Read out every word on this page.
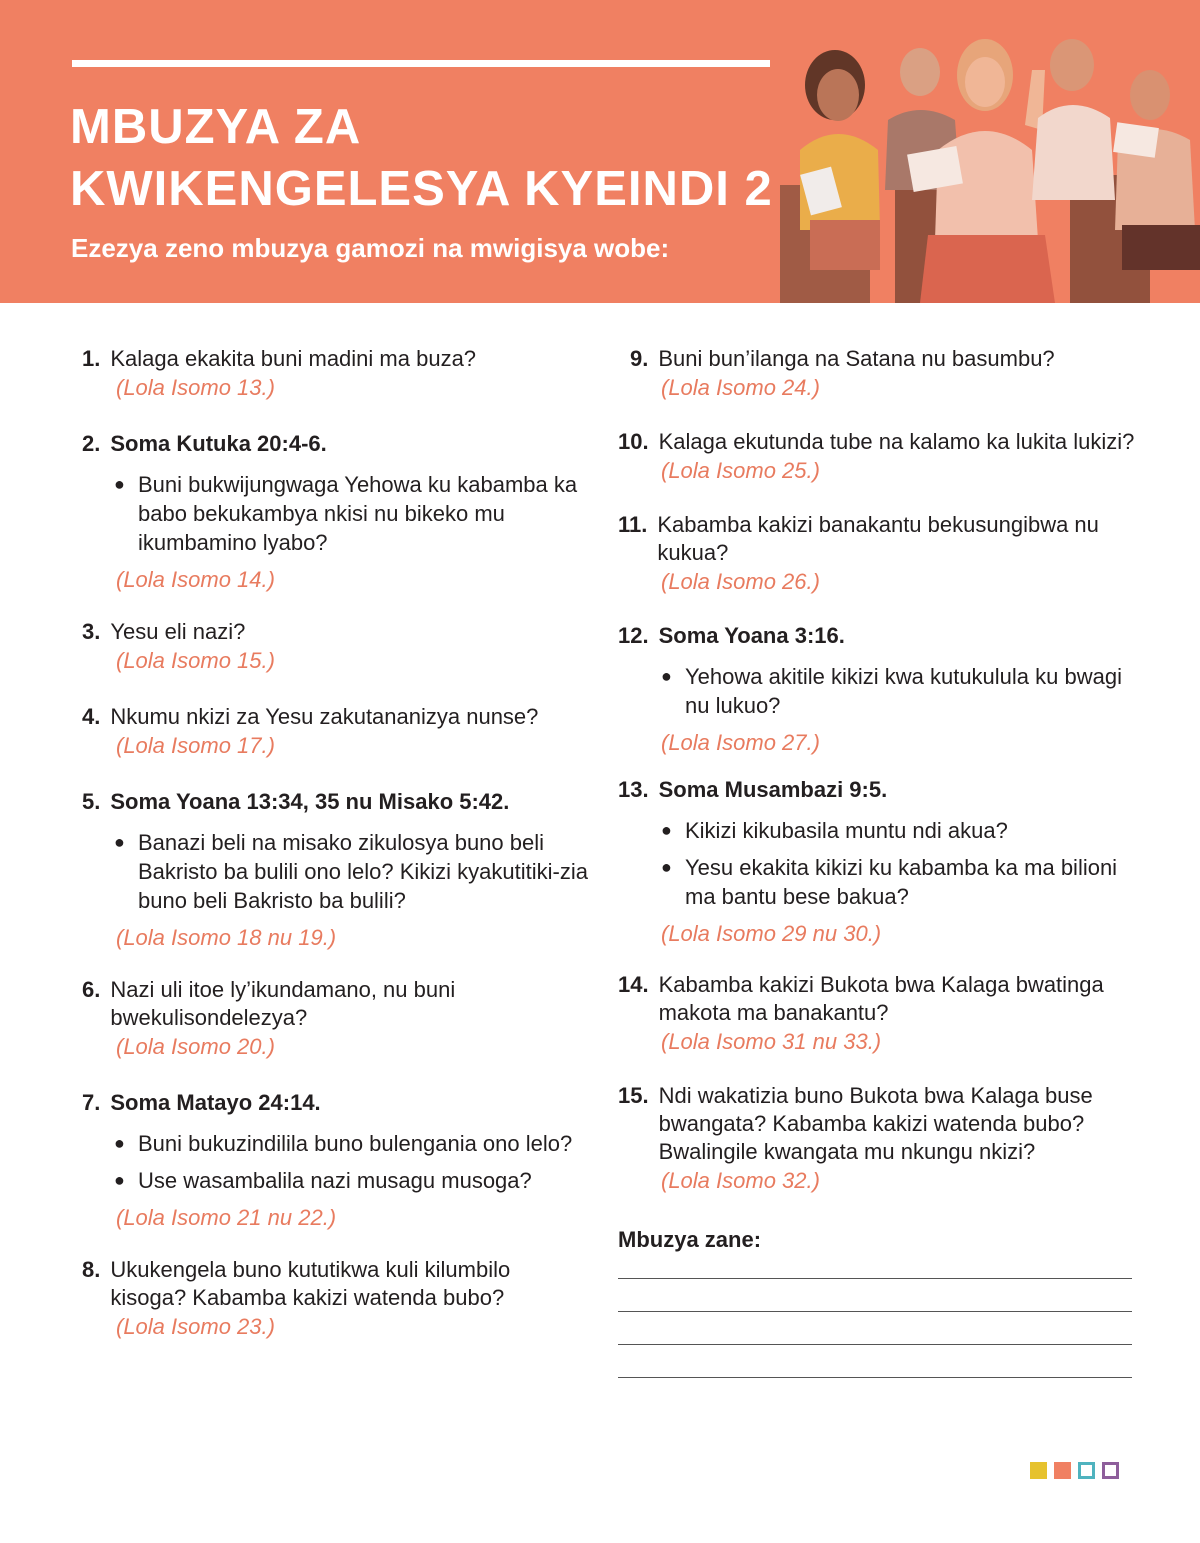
MBUZYA ZA KWIKENGELESYA KYEINDI 2

Ezezya zeno mbuzya gamozi na mwigisya wobe:

1. Kalaga ekakita buni madini ma buza?
(Lola Isomo 13.)
2. Soma Kutuka 20:4-6.
● Buni bukwijungwaga Yehowa ku kabamba ka babo bekukambya nkisi nu bikeko mu ikumbamino lyabo?
(Lola Isomo 14.)
3. Yesu eli nazi?
(Lola Isomo 15.)
4. Nkumu nkizi za Yesu zakutananizya nunse?
(Lola Isomo 17.)
5. Soma Yoana 13:34, 35 nu Misako 5:42.
● Banazi beli na misako zikulosya buno beli Bakristo ba bulili ono lelo? Kikizi kyakutitiki-zia buno beli Bakristo ba bulili?
(Lola Isomo 18 nu 19.)
6. Nazi uli itoe ly’ikundamano, nu buni bwekulisondelezya?
(Lola Isomo 20.)
7. Soma Matayo 24:14.
● Buni bukuzindilila buno bulengania ono lelo?
● Use wasambalila nazi musagu musoga?
(Lola Isomo 21 nu 22.)
8. Ukukengela buno kututikwa kuli kilumbilo kisoga? Kabamba kakizi watenda bubo?
(Lola Isomo 23.)
9. Buni bun’ilanga na Satana nu basumbu?
(Lola Isomo 24.)
10. Kalaga ekutunda tube na kalamo ka lukita lukizi?
(Lola Isomo 25.)
11. Kabamba kakizi banakantu bekusungibwa nu kukua?
(Lola Isomo 26.)
12. Soma Yoana 3:16.
● Yehowa akitile kikizi kwa kutukulula ku bwagi nu lukuo?
(Lola Isomo 27.)
13. Soma Musambazi 9:5.
● Kikizi kikubasila muntu ndi akua?
● Yesu ekakita kikizi ku kabamba ka ma bilioni ma bantu bese bakua?
(Lola Isomo 29 nu 30.)
14. Kabamba kakizi Bukota bwa Kalaga bwatinga makota ma banakantu?
(Lola Isomo 31 nu 33.)
15. Ndi wakatizia buno Bukota bwa Kalaga buse bwangata? Kabamba kakizi watenda bubo? Bwalingile kwangata mu nkungu nkizi?
(Lola Isomo 32.)
Mbuzya zane:
